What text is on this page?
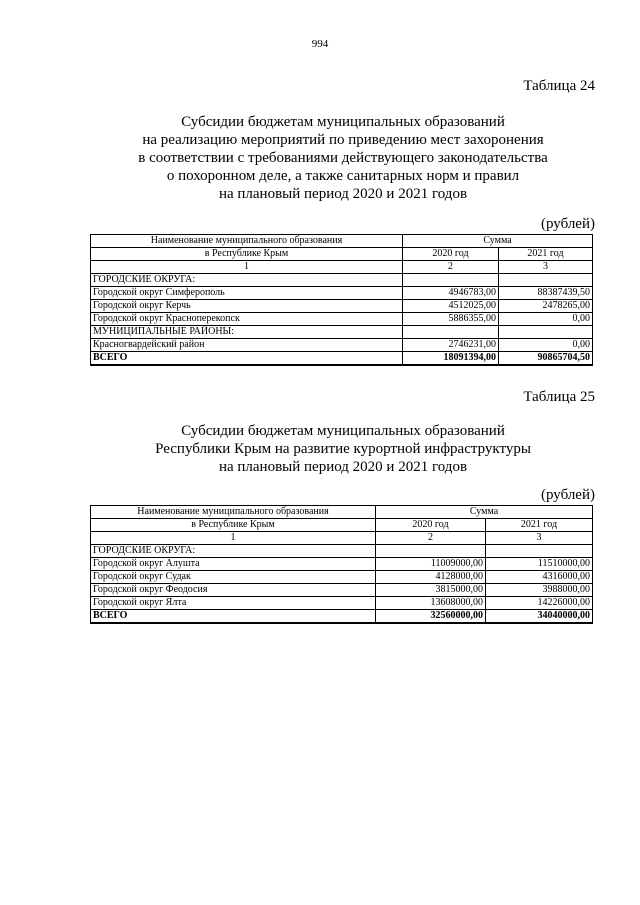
994
Таблица 24
Субсидии бюджетам муниципальных образований
на реализацию мероприятий по приведению мест захоронения
в соответствии с требованиями действующего законодательства
о похоронном деле, а также санитарных норм и правил
на плановый период 2020 и 2021 годов
(рублей)
Наименование муниципального образования	Сумма	
в Республике Крым	2020 год	2021 год
1	2	3
ГОРОДСКИЕ ОКРУГА:		
Городской округ Симферополь	4946783,00	88387439,50
Городской округ Керчь	4512025,00	2478265,00
Городской округ Красноперекопск	5886355,00	0,00
МУНИЦИПАЛЬНЫЕ РАЙОНЫ:		
Красногвардейский район	2746231,00	0,00
ВСЕГО	18091394,00	90865704,50
Таблица 25
Субсидии бюджетам муниципальных образований
Республики Крым на развитие курортной инфраструктуры
на плановый период 2020 и 2021 годов
(рублей)
Наименование муниципального образования	Сумма	
в Республике Крым	2020 год	2021 год
1	2	3
ГОРОДСКИЕ ОКРУГА:		
Городской округ Алушта	11009000,00	11510000,00
Городской округ Судак	4128000,00	4316000,00
Городской округ Феодосия	3815000,00	3988000,00
Городской округ Ялта	13608000,00	14226000,00
ВСЕГО	32560000,00	34040000,00
